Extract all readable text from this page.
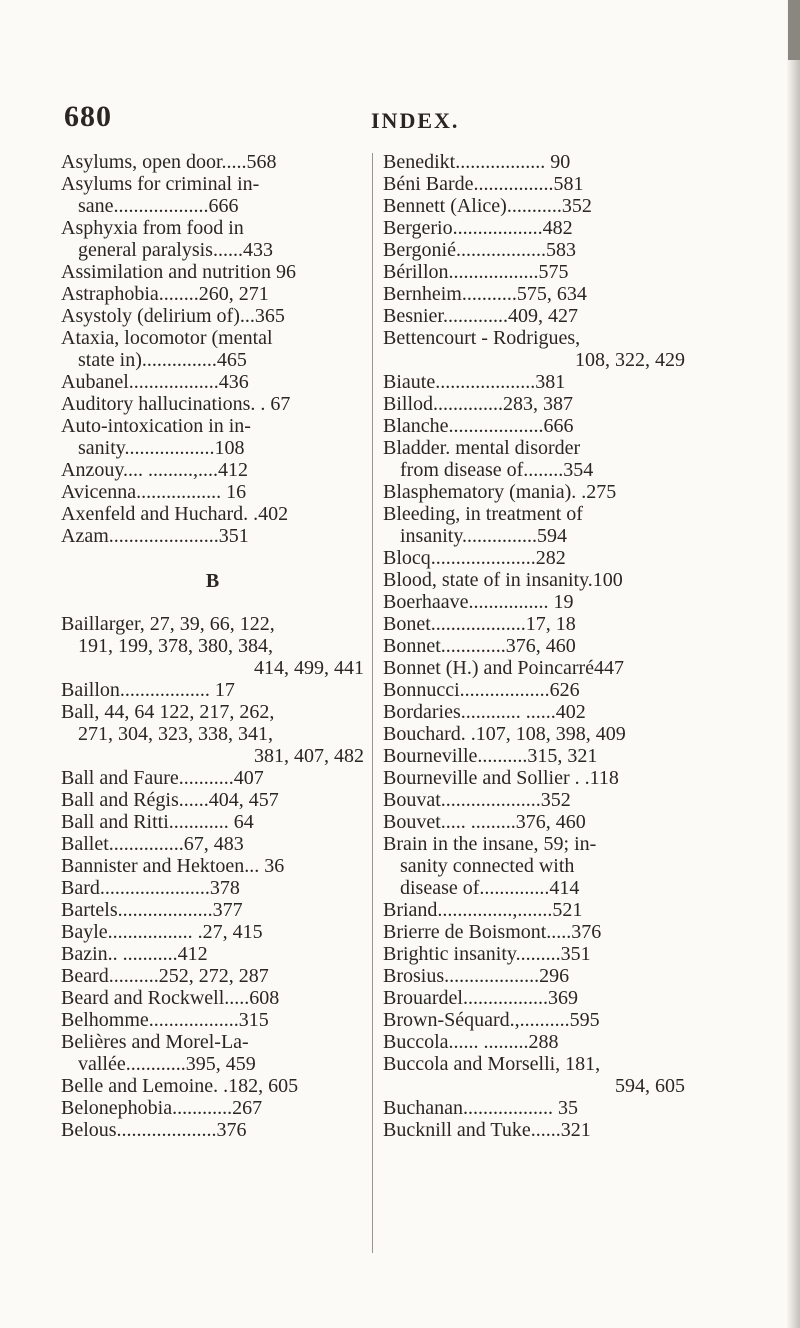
680	INDEX.
Asylums, open door.....568
Asylums for criminal in-
sane...................666
Asphyxia from food in
general paralysis......433
Assimilation and nutrition 96
Astraphobia........260, 271
Asystoly (delirium of)...365
Ataxia, locomotor (mental
state in)...............465
Aubanel..................436
Auditory hallucinations. . 67
Auto-intoxication in in-
sanity..................108
Anzouy.... .........,....412
Avicenna................. 16
Axenfeld and Huchard. .402
Azam......................351
B
Baillarger, 27, 39, 66, 122,
191, 199, 378, 380, 384,
414, 499, 441
Baillon.................. 17
Ball, 44, 64 122, 217, 262,
271, 304, 323, 338, 341,
381, 407, 482
Ball and Faure...........407
Ball and Régis......404, 457
Ball and Ritti............ 64
Ballet...............67, 483
Bannister and Hektoen... 36
Bard......................378
Bartels...................377
Bayle................. .27, 415
Bazin.. ...........412
Beard..........252, 272, 287
Beard and Rockwell.....608
Belhomme..................315
Belières and Morel-La-
vallée............395, 459
Belle and Lemoine. .182, 605
Belonephobia............267
Belous....................376
Benedikt.................. 90
Béni Barde................581
Bennett (Alice)...........352
Bergerio..................482
Bergonié..................583
Bérillon..................575
Bernheim...........575, 634
Besnier.............409, 427
Bettencourt - Rodrigues,
108, 322, 429
Biaute....................381
Billod..............283, 387
Blanche...................666
Bladder. mental disorder
from disease of........354
Blasphematory (mania). .275
Bleeding, in treatment of
insanity...............594
Blocq.....................282
Blood, state of in insanity.100
Boerhaave................ 19
Bonet...................17, 18
Bonnet.............376, 460
Bonnet (H.) and Poincarré447
Bonnucci..................626
Bordaries............ ......402
Bouchard. .107, 108, 398, 409
Bourneville..........315, 321
Bourneville and Sollier . .118
Bouvat....................352
Bouvet..... .........376, 460
Brain in the insane, 59; in-
sanity connected with
disease of..............414
Briand...............,.......521
Brierre de Boismont.....376
Brightic insanity.........351
Brosius...................296
Brouardel.................369
Brown-Séquard.,..........595
Buccola...... .........288
Buccola and Morselli, 181,
594, 605
Buchanan.................. 35
Bucknill and Tuke......321
